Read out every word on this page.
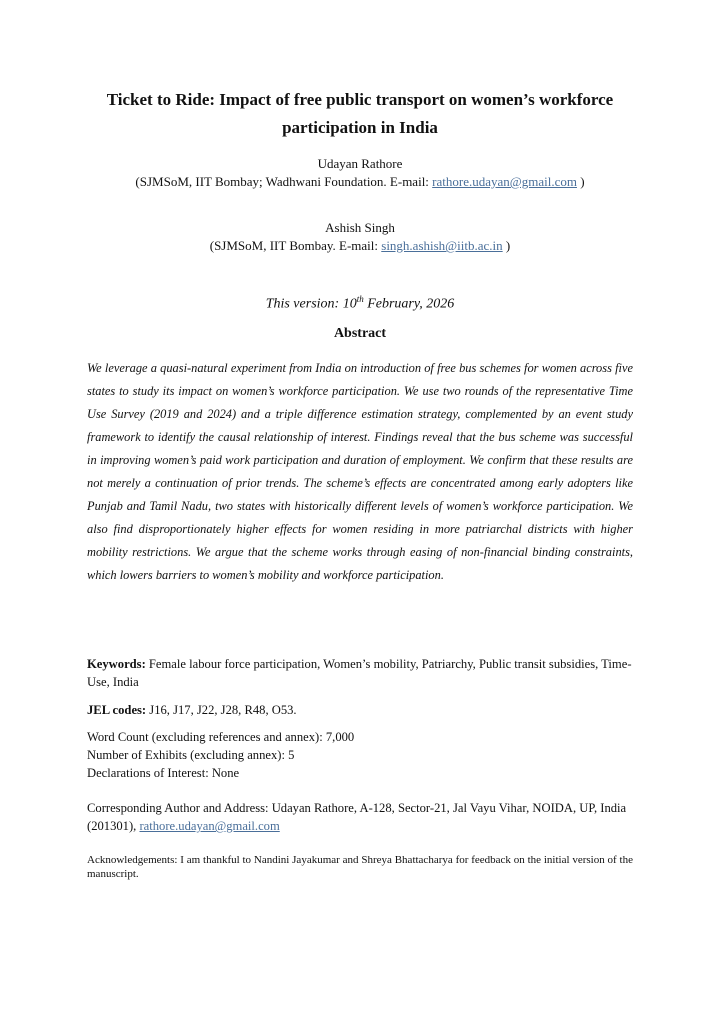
Ticket to Ride: Impact of free public transport on women’s workforce participation in India
Udayan Rathore
(SJMSoM, IIT Bombay; Wadhwani Foundation. E-mail: rathore.udayan@gmail.com )
Ashish Singh
(SJMSoM, IIT Bombay. E-mail: singh.ashish@iitb.ac.in )
This version: 10th February, 2026
Abstract
We leverage a quasi-natural experiment from India on introduction of free bus schemes for women across five states to study its impact on women’s workforce participation. We use two rounds of the representative Time Use Survey (2019 and 2024) and a triple difference estimation strategy, complemented by an event study framework to identify the causal relationship of interest. Findings reveal that the bus scheme was successful in improving women’s paid work participation and duration of employment. We confirm that these results are not merely a continuation of prior trends. The scheme’s effects are concentrated among early adopters like Punjab and Tamil Nadu, two states with historically different levels of women’s workforce participation. We also find disproportionately higher effects for women residing in more patriarchal districts with higher mobility restrictions. We argue that the scheme works through easing of non-financial binding constraints, which lowers barriers to women’s mobility and workforce participation.
Keywords: Female labour force participation, Women’s mobility, Patriarchy, Public transit subsidies, Time-Use, India
JEL codes: J16, J17, J22, J28, R48, O53.
Word Count (excluding references and annex): 7,000
Number of Exhibits (excluding annex): 5
Declarations of Interest: None
Corresponding Author and Address: Udayan Rathore, A-128, Sector-21, Jal Vayu Vihar, NOIDA, UP, India (201301), rathore.udayan@gmail.com
Acknowledgements: I am thankful to Nandini Jayakumar and Shreya Bhattacharya for feedback on the initial version of the manuscript.
